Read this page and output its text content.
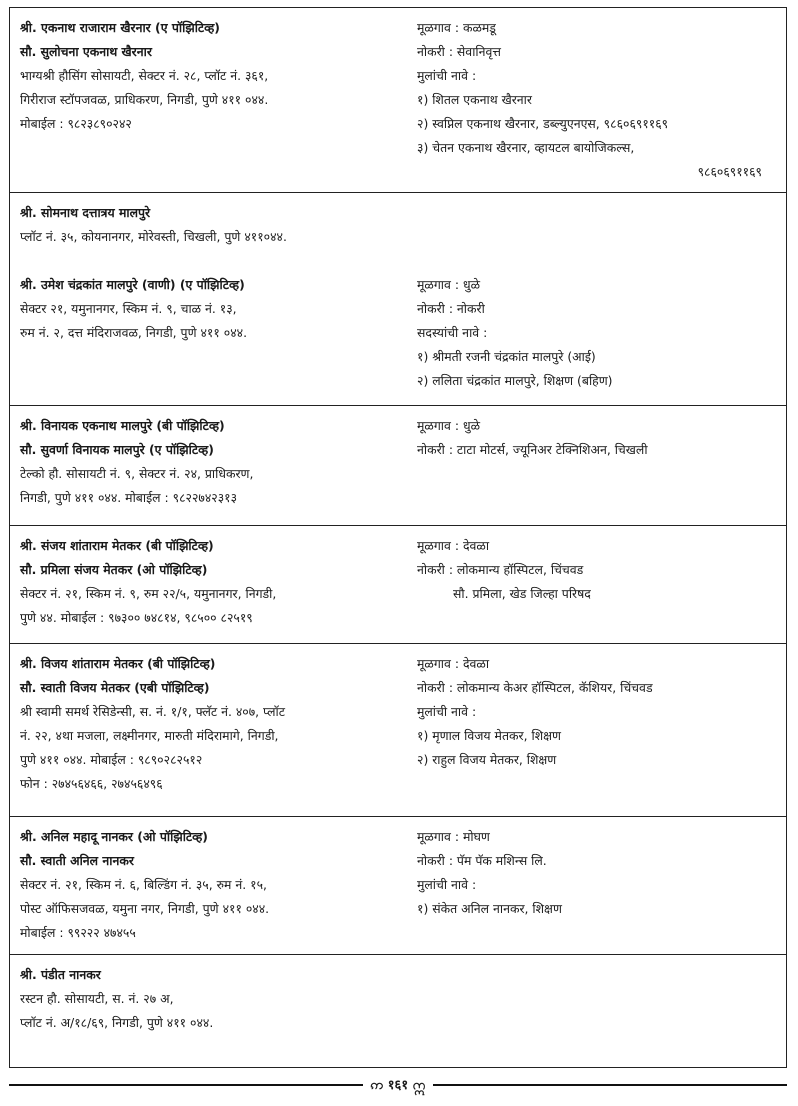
श्री. एकनाथ राजाराम खैरनार (ए पॉझिटिव्ह)
सौ. सुलोचना एकनाथ खैरनार
भाग्यश्री हौसिंग सोसायटी, सेक्टर नं. २८, प्लॉट नं. ३६१,
गिरीराज स्टॉपजवळ, प्राधिकरण, निगडी, पुणे ४११ ०४४.
मोबाईल : ९८२३८९०२४२
मूळगाव : कळमडू
नोकरी : सेवानिवृत्त
मुलांची नावे :
१) शितल एकनाथ खैरनार
२) स्वप्निल एकनाथ खैरनार, डब्ल्युएनएस, ९८६०६९११६९
३) चेतन एकनाथ खैरनार, व्हायटल बायोजिकल्स,
९८६०६९११६९
श्री. सोमनाथ दत्तात्रय मालपुरे
प्लॉट नं. ३५, कोयनानगर, मोरेवस्ती, चिखली, पुणे ४११०४४.
श्री. उमेश चंद्रकांत मालपुरे (वाणी) (ए पॉझिटिव्ह)
सेक्टर २१, यमुनानगर, स्किम नं. ९, चाळ नं. १३,
रुम नं. २, दत्त मंदिराजवळ, निगडी, पुणे ४११ ०४४.
मूळगाव : धुळे
नोकरी : नोकरी
सदस्यांची नावे :
१) श्रीमती रजनी चंद्रकांत मालपुरे (आई)
२) ललिता चंद्रकांत मालपुरे, शिक्षण (बहिण)
श्री. विनायक एकनाथ मालपुरे (बी पॉझिटिव्ह)
सौ. सुवर्णा विनायक मालपुरे (ए पॉझिटिव्ह)
टेल्को हौ. सोसायटी नं. ९, सेक्टर नं. २४, प्राधिकरण,
निगडी, पुणे ४११ ०४४. मोबाईल : ९८२२७४२३१३
मूळगाव : धुळे
नोकरी : टाटा मोटर्स, ज्यूनिअर टेक्निशिअन, चिखली
श्री. संजय शांताराम मेतकर (बी पॉझिटिव्ह)
सौ. प्रमिला संजय मेतकर (ओ पॉझिटिव्ह)
सेक्टर नं. २१, स्किम नं. ९, रुम २२/५, यमुनानगर, निगडी,
पुणे ४४. मोबाईल : ९७३०० ७४८१४, ९८५०० ८२५१९
मूळगाव : देवळा
नोकरी : लोकमान्य हॉस्पिटल, चिंचवड
सौ. प्रमिला, खेड जिल्हा परिषद
श्री. विजय शांताराम मेतकर (बी पॉझिटिव्ह)
सौ. स्वाती विजय मेतकर (एबी पॉझिटिव्ह)
श्री स्वामी समर्थ रेसिडेन्सी, स. नं. १/१, फ्लॅट नं. ४०७, प्लॉट
नं. २२, ४था मजला, लक्ष्मीनगर, मारुती मंदिरामागे, निगडी,
पुणे ४११ ०४४. मोबाईल : ९८९०२८२५१२
फोन : २७४५६४६६, २७४५६४९६
मूळगाव : देवळा
नोकरी : लोकमान्य केअर हॉस्पिटल, कॅशियर, चिंचवड
मुलांची नावे :
१) मृणाल विजय मेतकर, शिक्षण
२) राहुल विजय मेतकर, शिक्षण
श्री. अनिल महादू नानकर (ओ पॉझिटिव्ह)
सौ. स्वाती अनिल नानकर
सेक्टर नं. २१, स्किम नं. ६, बिल्डिंग नं. ३५, रुम नं. १५,
पोस्ट ऑफिसजवळ, यमुना नगर, निगडी, पुणे ४११ ०४४.
मोबाईल : ९९२२२ ४७४५५
मूळगाव : मोघण
नोकरी : पॅम पॅक मशिन्स लि.
मुलांची नावे :
१) संकेत अनिल नानकर, शिक्षण
श्री. पंडीत नानकर
रस्टन हौ. सोसायटी, स. नं. २७ अ,
प्लॉट नं. अ/१८/६९, निगडी, पुणे ४११ ०४४.
ဢ १६१ ဣ
